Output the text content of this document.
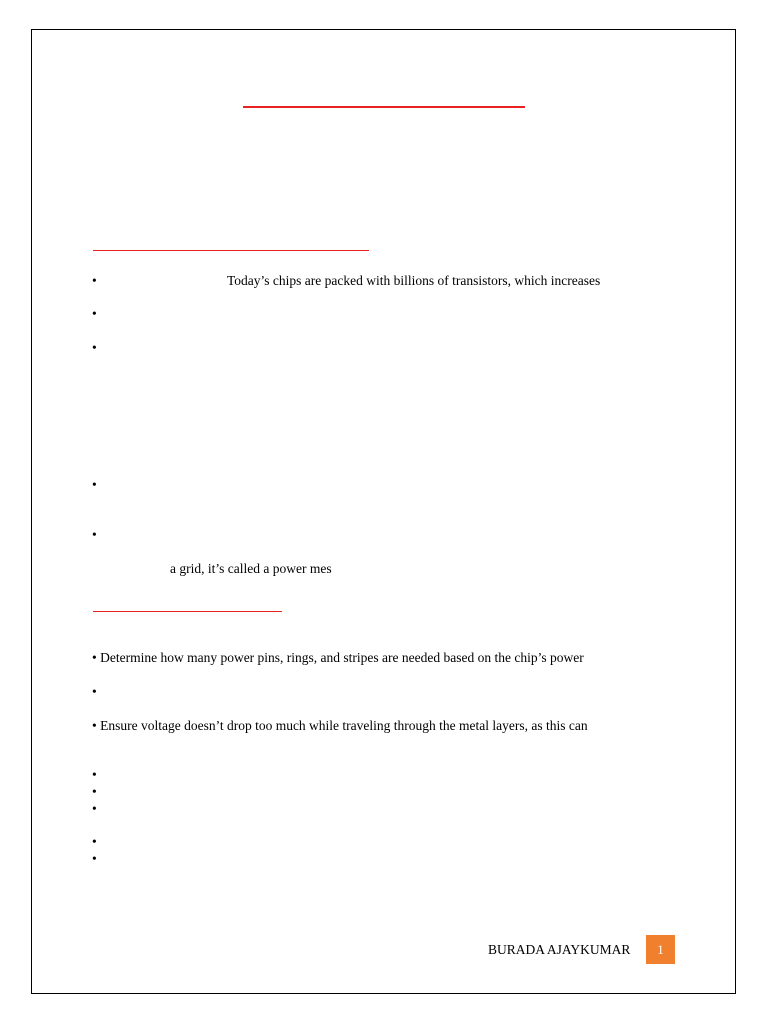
•	Today’s chips are packed with billions of transistors, which increases
•
•
•
•
a grid, it’s called a power mes
• Determine how many power pins, rings, and stripes are needed based on the chip’s power
•
• Ensure voltage doesn’t drop too much while traveling through the metal layers, as this can
•
•
•
•
•
BURADA AJAYKUMAR	1
